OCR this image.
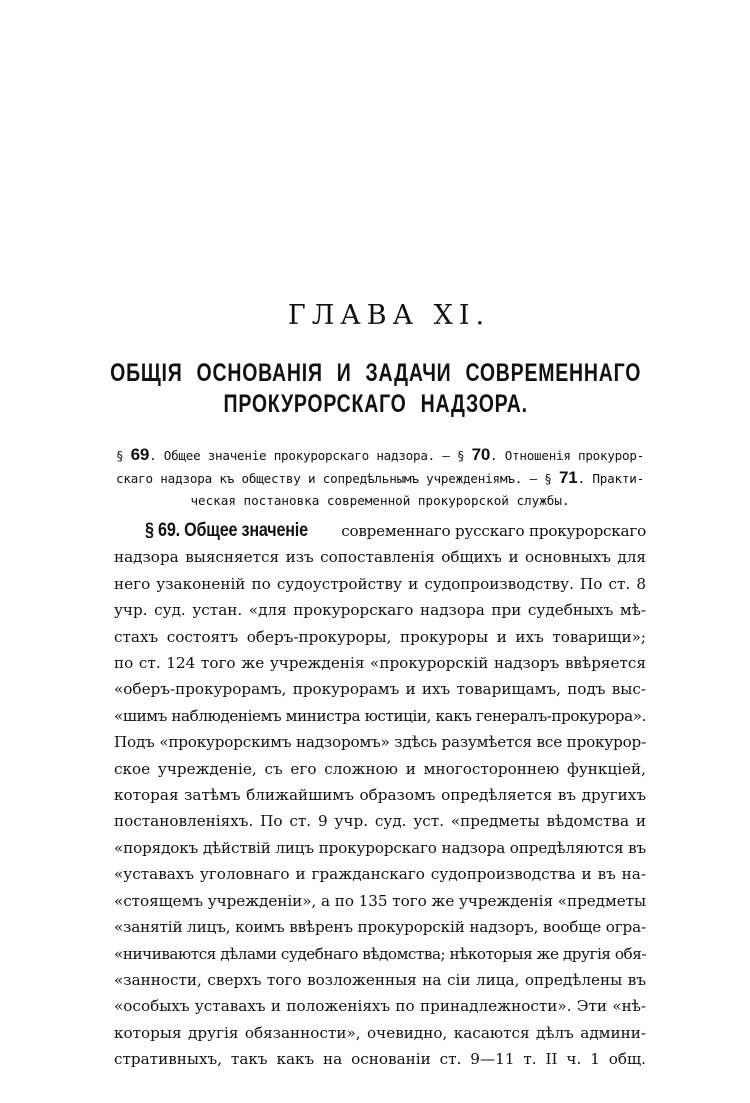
ГЛАВА XI.
ОБЩІЯ ОСНОВАНІЯ И ЗАДАЧИ СОВРЕМЕННАГО
ПРОКУРОРСКАГО НАДЗОРА.
§ 69. Общее значеніе прокурорскаго надзора. — § 70. Отношенія прокурор-
скаго надзора къ обществу и сопредѣльнымъ учрежденіямъ. — § 71. Практи-
ческая постановка современной прокурорской службы.
§ 69. Общее значеніе современнаго русскаго прокурорскаго
надзора выясняется изъ сопоставленія общихъ и основныхъ для
него узаконеній по судоустройству и судопроизводству. По ст. 8
учр. суд. устан. «для прокурорскаго надзора при судебныхъ мѣ-
стахъ состоятъ оберъ-прокуроры, прокуроры и ихъ товарищи»;
по ст. 124 того же учрежденія «прокурорскій надзоръ ввѣряется
«оберъ-прокурорамъ, прокурорамъ и ихъ товарищамъ, подъ выс-
«шимъ наблюденіемъ министра юстиціи, какъ генералъ-прокурора».
Подъ «прокурорскимъ надзоромъ» здѣсь разумѣется все прокурор-
ское учрежденіе, съ его сложною и многостороннею функціей,
которая затѣмъ ближайшимъ образомъ опредѣляется въ другихъ
постановленіяхъ. По ст. 9 учр. суд. уст. «предметы вѣдомства и
«порядокъ дѣйствій лицъ прокурорскаго надзора опредѣляются въ
«уставахъ уголовнаго и гражданскаго судопроизводства и въ на-
«стоящемъ учрежденіи», а по 135 того же учрежденія «предметы
«занятій лицъ, коимъ ввѣренъ прокурорскій надзоръ, вообще огра-
«ничиваются дѣлами судебнаго вѣдомства; нѣкоторыя же другія обя-
«занности, сверхъ того возложенныя на сіи лица, опредѣлены въ
«особыхъ уставахъ и положеніяхъ по принадлежности». Эти «нѣ-
которыя другія обязанности», очевидно, касаются дѣлъ админи-
стративныхъ, такъ какъ на основаніи ст. 9—11 т. II ч. 1 общ.
